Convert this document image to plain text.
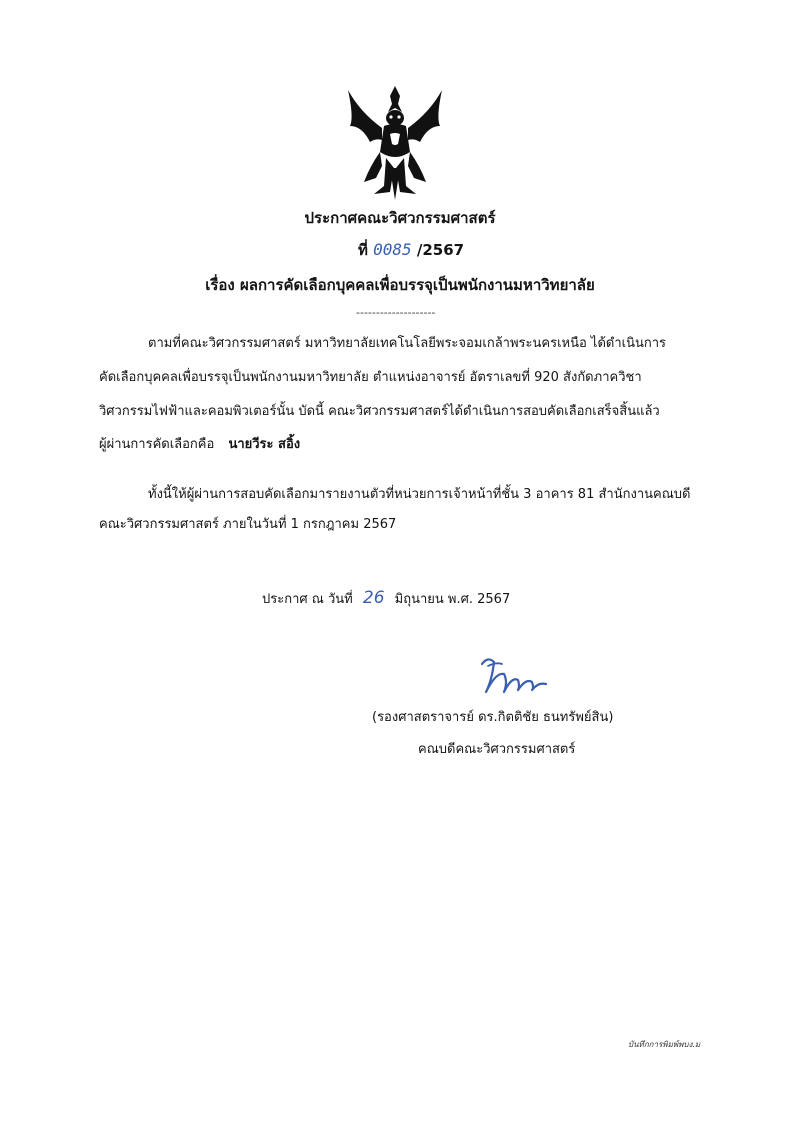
ประกาศคณะวิศวกรรมศาสตร์
ที่ 0085 /2567
เรื่อง ผลการคัดเลือกบุคคลเพื่อบรรจุเป็นพนักงานมหาวิทยาลัย
--------------------
ตามที่คณะวิศวกรรมศาสตร์ มหาวิทยาลัยเทคโนโลยีพระจอมเกล้าพระนครเหนือ ได้ดำเนินการ
คัดเลือกบุคคลเพื่อบรรจุเป็นพนักงานมหาวิทยาลัย ตำแหน่งอาจารย์ อัตราเลขที่ 920 สังกัดภาควิชา
วิศวกรรมไฟฟ้าและคอมพิวเตอร์นั้น บัดนี้ คณะวิศวกรรมศาสตร์ได้ดำเนินการสอบคัดเลือกเสร็จสิ้นแล้ว
ผู้ผ่านการคัดเลือกคือ นายวีระ สอิ้ง
ทั้งนี้ให้ผู้ผ่านการสอบคัดเลือกมารายงานตัวที่หน่วยการเจ้าหน้าที่ชั้น 3 อาคาร 81 สำนักงานคณบดี
คณะวิศวกรรมศาสตร์ ภายในวันที่ 1 กรกฎาคม 2567
ประกาศ ณ วันที่ 26 มิถุนายน พ.ศ. 2567
(รองศาสตราจารย์ ดร.กิตติชัย ธนทรัพย์สิน)
คณบดีคณะวิศวกรรมศาสตร์
บันทึกการพิมพ์พบง.ม
